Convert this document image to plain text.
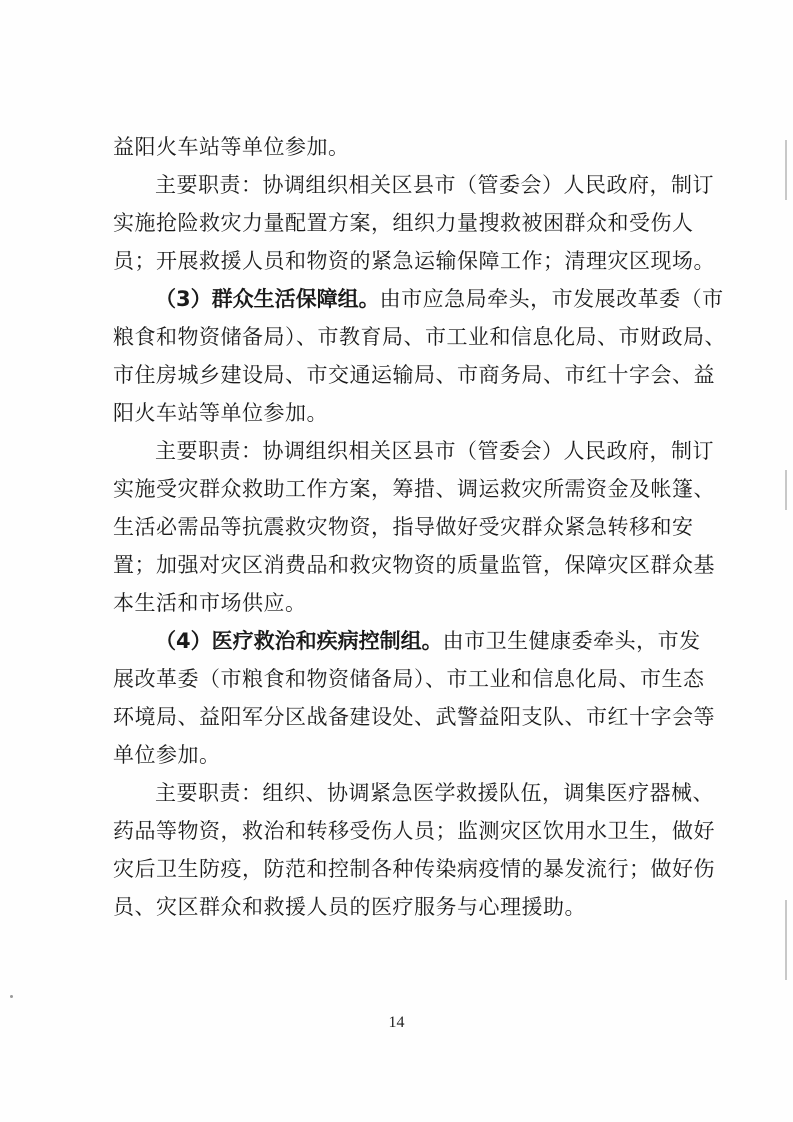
益阳火车站等单位参加。
主要职责：协调组织相关区县市（管委会）人民政府，制订
实施抢险救灾力量配置方案，组织力量搜救被困群众和受伤人
员；开展救援人员和物资的紧急运输保障工作；清理灾区现场。
（3）群众生活保障组。由市应急局牵头，市发展改革委（市
粮食和物资储备局）、市教育局、市工业和信息化局、市财政局、
市住房城乡建设局、市交通运输局、市商务局、市红十字会、益
阳火车站等单位参加。
主要职责：协调组织相关区县市（管委会）人民政府，制订
实施受灾群众救助工作方案，筹措、调运救灾所需资金及帐篷、
生活必需品等抗震救灾物资，指导做好受灾群众紧急转移和安
置；加强对灾区消费品和救灾物资的质量监管，保障灾区群众基
本生活和市场供应。
（4）医疗救治和疾病控制组。由市卫生健康委牵头，市发
展改革委（市粮食和物资储备局）、市工业和信息化局、市生态
环境局、益阳军分区战备建设处、武警益阳支队、市红十字会等
单位参加。
主要职责：组织、协调紧急医学救援队伍，调集医疗器械、
药品等物资，救治和转移受伤人员；监测灾区饮用水卫生，做好
灾后卫生防疫，防范和控制各种传染病疫情的暴发流行；做好伤
员、灾区群众和救援人员的医疗服务与心理援助。
14
